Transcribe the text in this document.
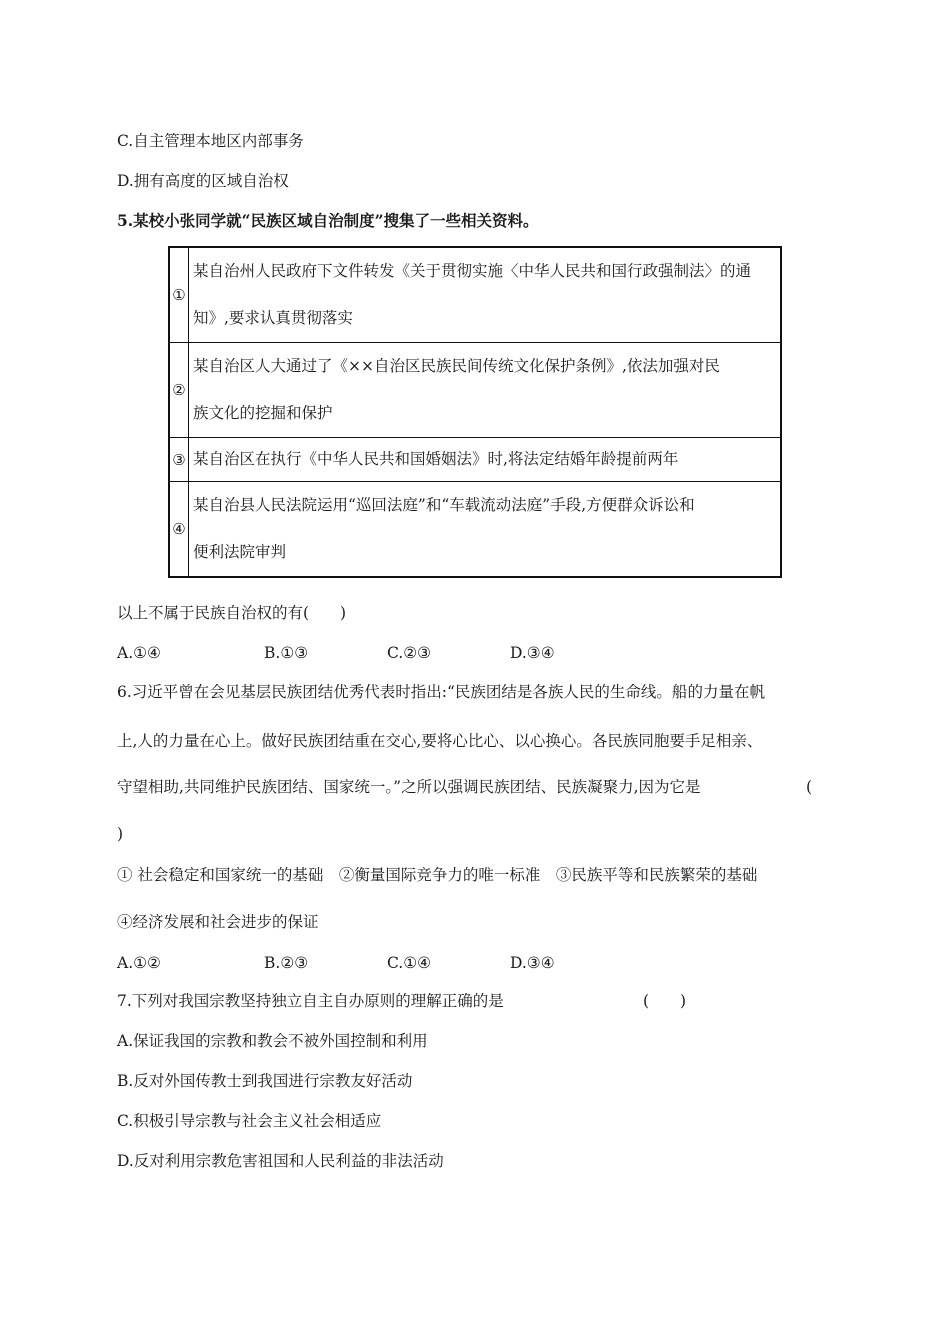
C.自主管理本地区内部事务
D.拥有高度的区域自治权
5.某校小张同学就“民族区域自治制度”搜集了一些相关资料。
①	某自治州人民政府下文件转发《关于贯彻实施〈中华人民共和国行政强制法〉的通
知》,要求认真贯彻落实

②	某自治区人大通过了《××自治区民族民间传统文化保护条例》,依法加强对民
族文化的挖掘和保护

③	某自治区在执行《中华人民共和国婚姻法》时,将法定结婚年龄提前两年

④	某自治县人民法院运用“巡回法庭”和“车载流动法庭”手段,方便群众诉讼和
便利法院审判
以上不属于民族自治权的有(　　)
A.①④	B.①③	C.②③	D.③④
6.习近平曾在会见基层民族团结优秀代表时指出:“民族团结是各族人民的生命线。船的力量在帆
上,人的力量在心上。做好民族团结重在交心,要将心比心、以心换心。各民族同胞要手足相亲、
守望相助,共同维护民族团结、国家统一。”之所以强调民族团结、民族凝聚力,因为它是	(
)
① 社会稳定和国家统一的基础　②衡量国际竞争力的唯一标准　③民族平等和民族繁荣的基础
④经济发展和社会进步的保证
A.①②	B.②③	C.①④	D.③④
7.下列对我国宗教坚持独立自主自办原则的理解正确的是	(　　)
A.保证我国的宗教和教会不被外国控制和利用
B.反对外国传教士到我国进行宗教友好活动
C.积极引导宗教与社会主义社会相适应
D.反对利用宗教危害祖国和人民利益的非法活动
